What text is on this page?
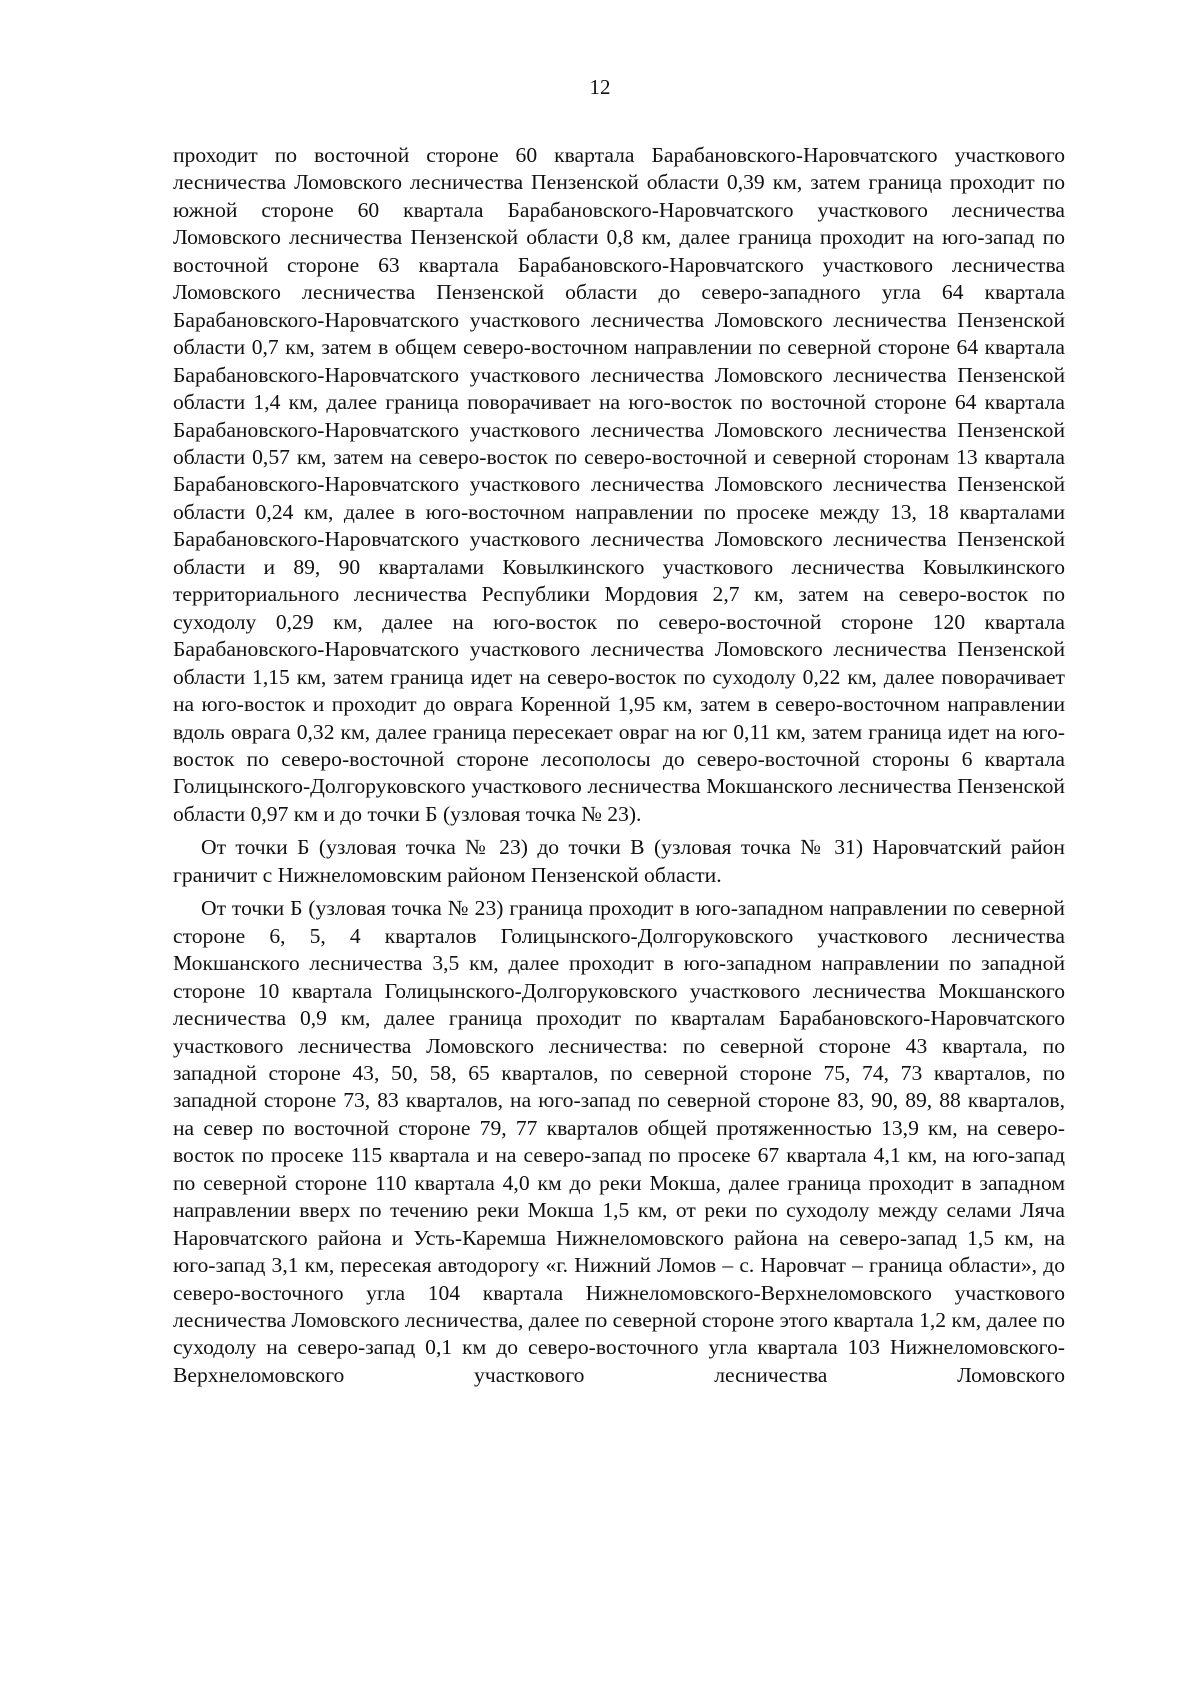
12

проходит по восточной стороне 60 квартала Барабановского-Наровчатского участкового лесничества Ломовского лесничества Пензенской области 0,39 км, затем граница проходит по южной стороне 60 квартала Барабановского-Наровчатского участкового лесничества Ломовского лесничества Пензенской области 0,8 км, далее граница проходит на юго-запад по восточной стороне 63 квартала Барабановского-Наровчатского участкового лесничества Ломовского лесничества Пензенской области до северо-западного угла 64 квартала Барабановского-Наровчатского участкового лесничества Ломовского лесничества Пензенской области 0,7 км, затем в общем северо-восточном направлении по северной стороне 64 квартала Барабановского-Наровчатского участкового лесничества Ломовского лесничества Пензенской области 1,4 км, далее граница поворачивает на юго-восток по восточной стороне 64 квартала Барабановского-Наровчатского участкового лесничества Ломовского лесничества Пензенской области 0,57 км, затем на северо-восток по северо-восточной и северной сторонам 13 квартала Барабановского-Наровчатского участкового лесничества Ломовского лесничества Пензенской области 0,24 км, далее в юго-восточном направлении по просеке между 13, 18 кварталами Барабановского-Наровчатского участкового лесничества Ломовского лесничества Пензенской области и 89, 90 кварталами Ковылкинского участкового лесничества Ковылкинского территориального лесничества Республики Мордовия 2,7 км, затем на северо-восток по суходолу 0,29 км, далее на юго-восток по северо-восточной стороне 120 квартала Барабановского-Наровчатского участкового лесничества Ломовского лесничества Пензенской области 1,15 км, затем граница идет на северо-восток по суходолу 0,22 км, далее поворачивает на юго-восток и проходит до оврага Коренной 1,95 км, затем в северо-восточном направлении вдоль оврага 0,32 км, далее граница пересекает овраг на юг 0,11 км, затем граница идет на юго-восток по северо-восточной стороне лесополосы до северо-восточной стороны 6 квартала Голицынского-Долгоруковского участкового лесничества Мокшанского лесничества Пензенской области 0,97 км и до точки Б (узловая точка № 23).

От точки Б (узловая точка № 23) до точки В (узловая точка № 31) Наровчатский район граничит с Нижнеломовским районом Пензенской области.

От точки Б (узловая точка № 23) граница проходит в юго-западном направлении по северной стороне 6, 5, 4 кварталов Голицынского-Долгоруковского участкового лесничества Мокшанского лесничества 3,5 км, далее проходит в юго-западном направлении по западной стороне 10 квартала Голицынского-Долгоруковского участкового лесничества Мокшанского лесничества 0,9 км, далее граница проходит по кварталам Барабановского-Наровчатского участкового лесничества Ломовского лесничества: по северной стороне 43 квартала, по западной стороне 43, 50, 58, 65 кварталов, по северной стороне 75, 74, 73 кварталов, по западной стороне 73, 83 кварталов, на юго-запад по северной стороне 83, 90, 89, 88 кварталов, на север по восточной стороне 79, 77 кварталов общей протяженностью 13,9 км, на северо-восток по просеке 115 квартала и на северо-запад по просеке 67 квартала 4,1 км, на юго-запад по северной стороне 110 квартала 4,0 км до реки Мокша, далее граница проходит в западном направлении вверх по течению реки Мокша 1,5 км, от реки по суходолу между селами Ляча Наровчатского района и Усть-Каремша Нижнеломовского района на северо-запад 1,5 км, на юго-запад 3,1 км, пересекая автодорогу «г. Нижний Ломов – с. Наровчат – граница области», до северо-восточного угла 104 квартала Нижнеломовского-Верхнеломовского участкового лесничества Ломовского лесничества, далее по северной стороне этого квартала 1,2 км, далее по суходолу на северо-запад 0,1 км до северо-восточного угла квартала 103 Нижнеломовского-Верхнеломовского участкового лесничества Ломовского
